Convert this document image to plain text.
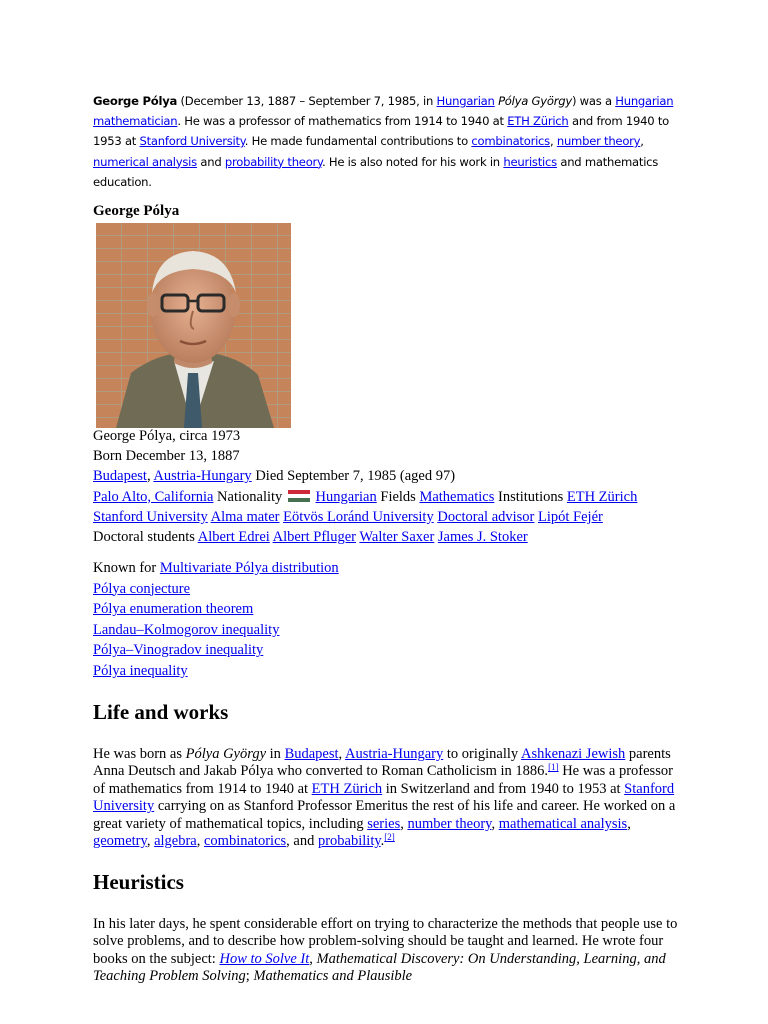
George Pólya (December 13, 1887 – September 7, 1985, in Hungarian Pólya György) was a Hungarian mathematician. He was a professor of mathematics from 1914 to 1940 at ETH Zürich and from 1940 to 1953 at Stanford University. He made fundamental contributions to combinatorics, number theory, numerical analysis and probability theory. He is also noted for his work in heuristics and mathematics education.
George Pólya
George Pólya, circa 1973
Born December 13, 1887
Budapest, Austria-Hungary Died September 7, 1985 (aged 97)
Palo Alto, California Nationality
Hungarian Fields Mathematics Institutions ETH Zürich
Stanford University Alma mater Eötvös Loránd University Doctoral advisor Lipót Fejér
Doctoral students Albert Edrei Albert Pfluger Walter Saxer James J. Stoker
Known for Multivariate Pólya distribution
Pólya conjecture
Pólya enumeration theorem
Landau–Kolmogorov inequality
Pólya–Vinogradov inequality
Pólya inequality
Life and works
He was born as Pólya György in Budapest, Austria-Hungary to originally Ashkenazi Jewish parents Anna Deutsch and Jakab Pólya who converted to Roman Catholicism in 1886.[1] He was a professor of mathematics from 1914 to 1940 at ETH Zürich in Switzerland and from 1940 to 1953 at Stanford University carrying on as Stanford Professor Emeritus the rest of his life and career. He worked on a great variety of mathematical topics, including series, number theory, mathematical analysis, geometry, algebra, combinatorics, and probability.[2]
Heuristics
In his later days, he spent considerable effort on trying to characterize the methods that people use to solve problems, and to describe how problem-solving should be taught and learned. He wrote four books on the subject: How to Solve It, Mathematical Discovery: On Understanding, Learning, and Teaching Problem Solving; Mathematics and Plausible
